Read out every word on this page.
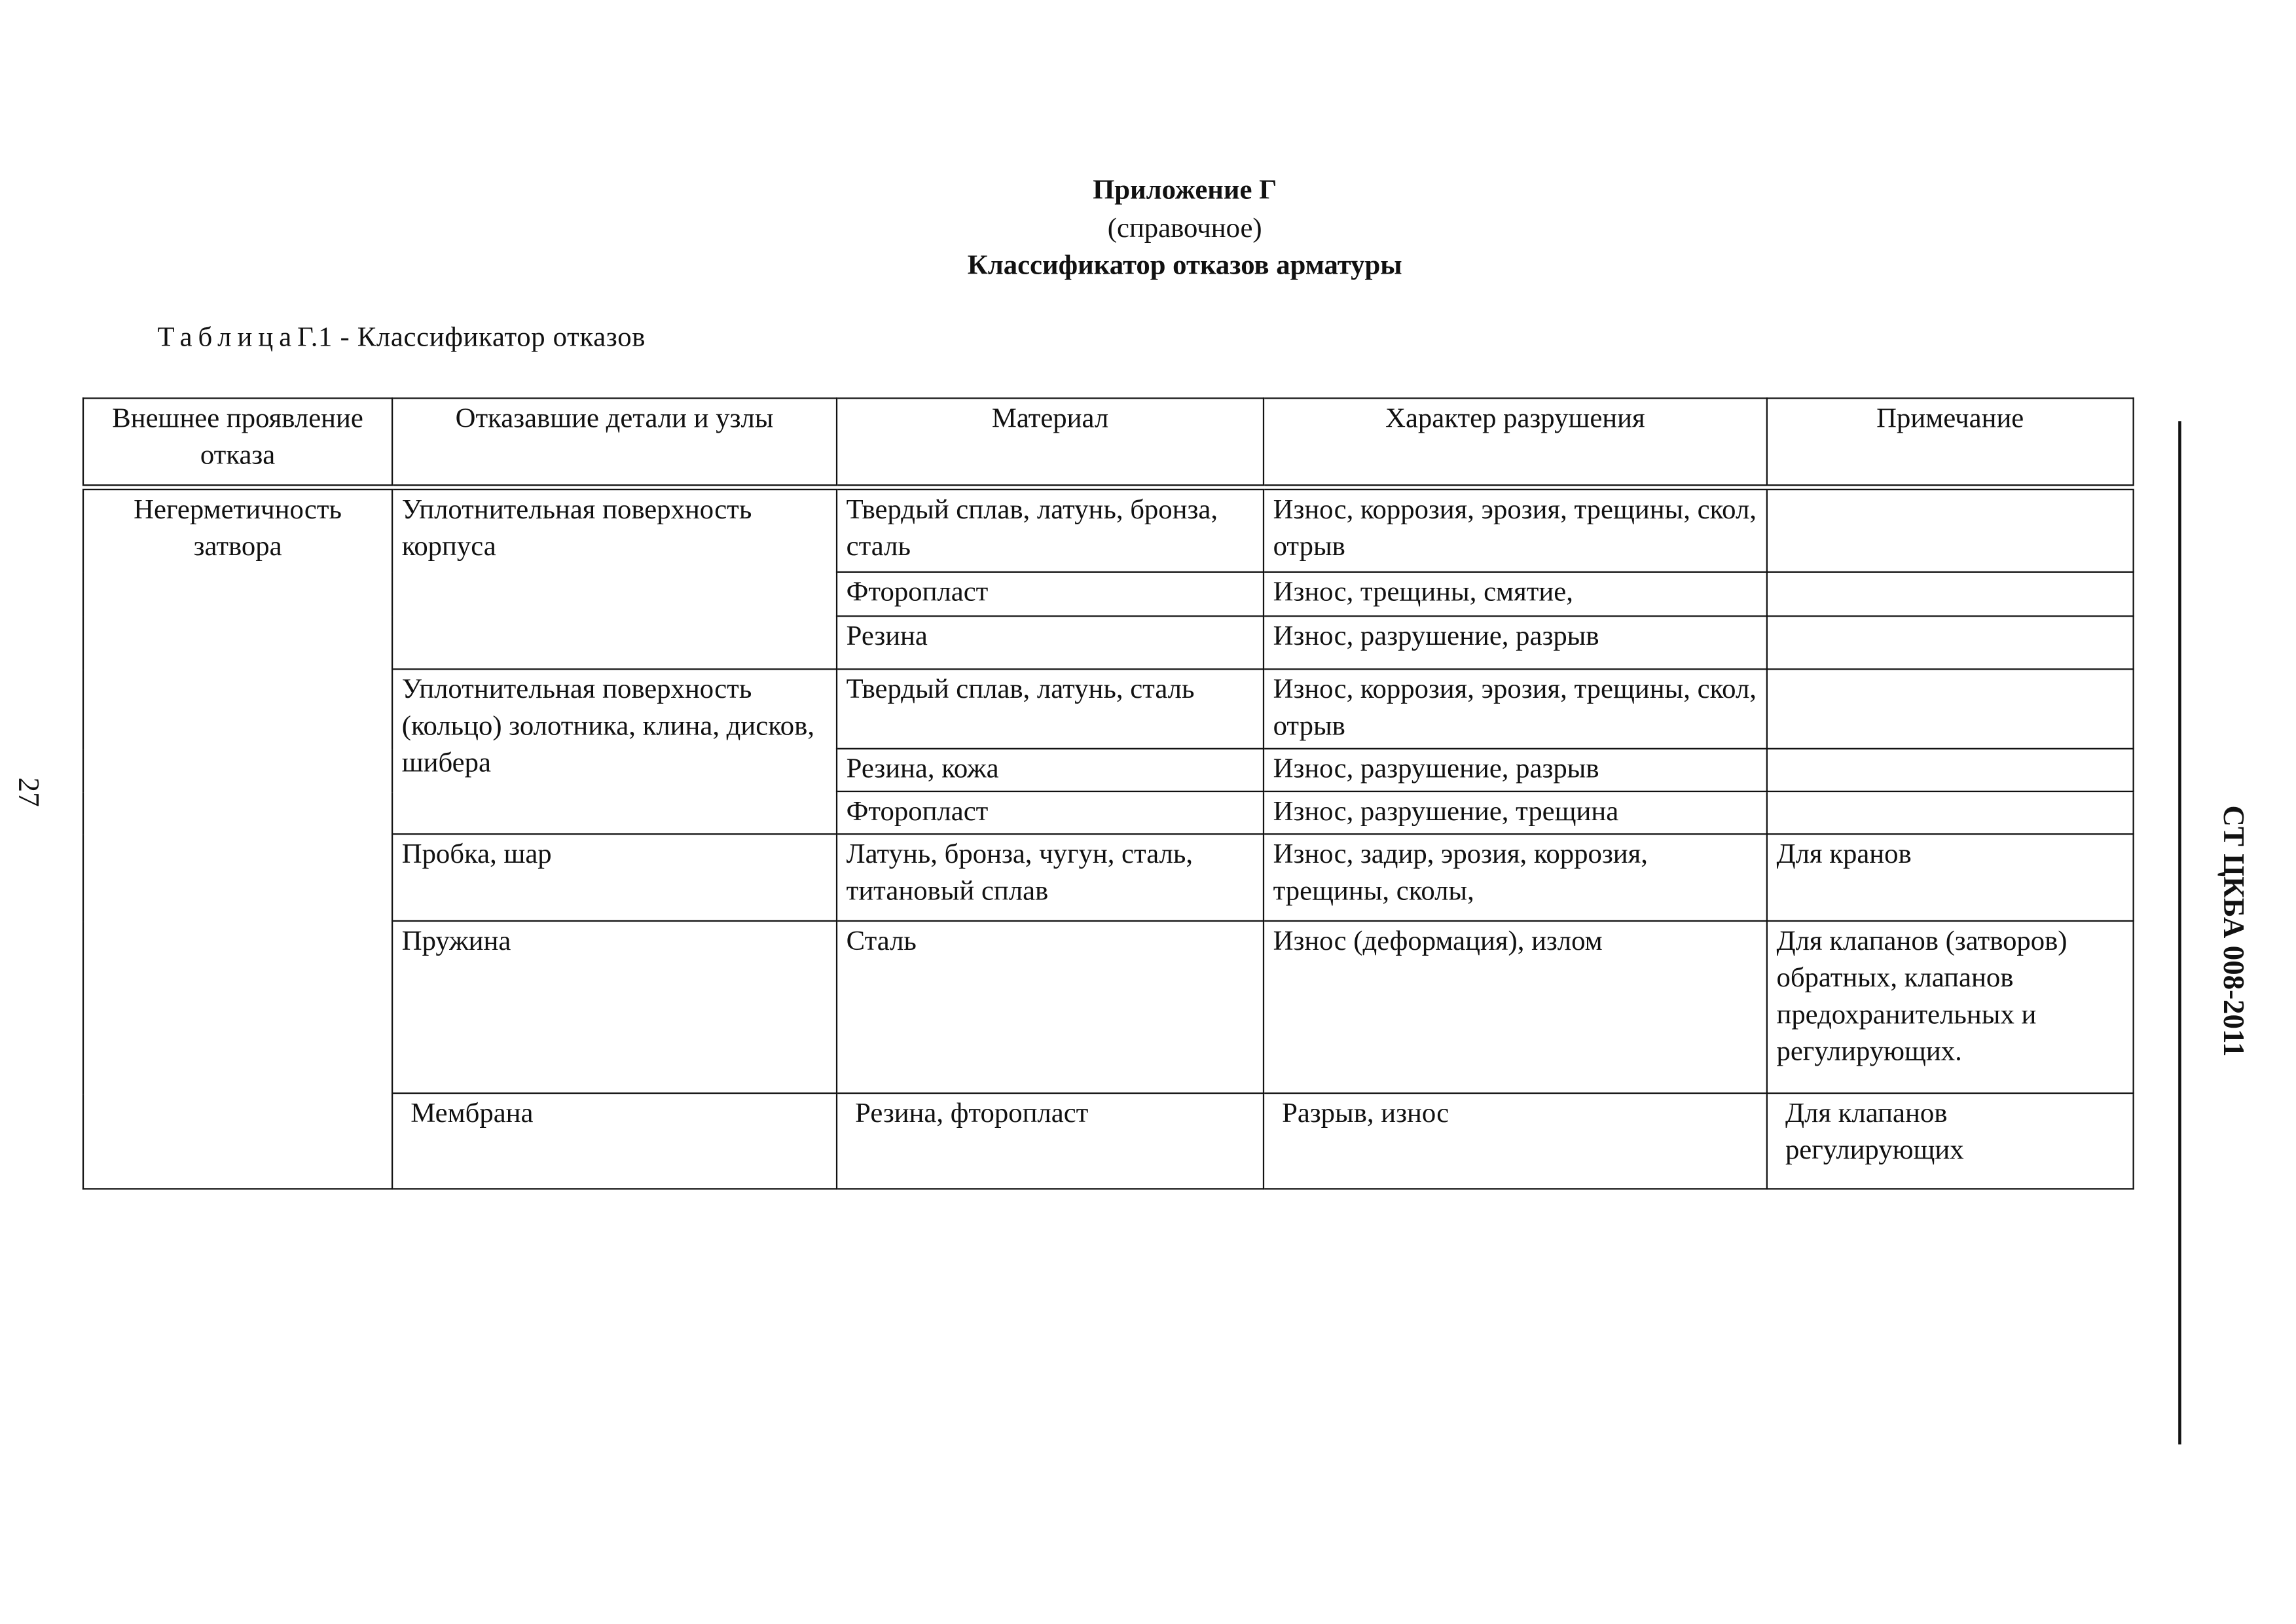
Приложение Г
(справочное)
Классификатор отказов арматуры
ТаблицаГ.1 - Классификатор отказов
Внешнее проявление отказа	Отказавшие детали и узлы	Материал	Характер разрушения	Примечание
Негерметичность затвора	Уплотнительная поверхность корпуса	Твердый сплав, латунь, бронза, сталь	Износ, коррозия, эрозия, трещины, скол, отрыв	
		Фторопласт	Износ, трещины, смятие,	
		Резина	Износ, разрушение, разрыв	
	Уплотнительная поверхность (кольцо) золотника, клина, дисков, шибера	Твердый сплав, латунь, сталь	Износ, коррозия, эрозия, трещины, скол, отрыв	
		Резина, кожа	Износ, разрушение, разрыв	
		Фторопласт	Износ, разрушение, трещина	
	Пробка, шар	Латунь, бронза, чугун, сталь, титановый сплав	Износ, задир, эрозия, коррозия, трещины, сколы,	Для кранов
	Пружина	Сталь	Износ (деформация), излом	Для клапанов (затворов) обратных, клапанов предохранительных и регулирующих.
	Мембрана	Резина, фторопласт	Разрыв, износ	Для клапанов регулирующих
27
СТ ЦКБА 008-2011
